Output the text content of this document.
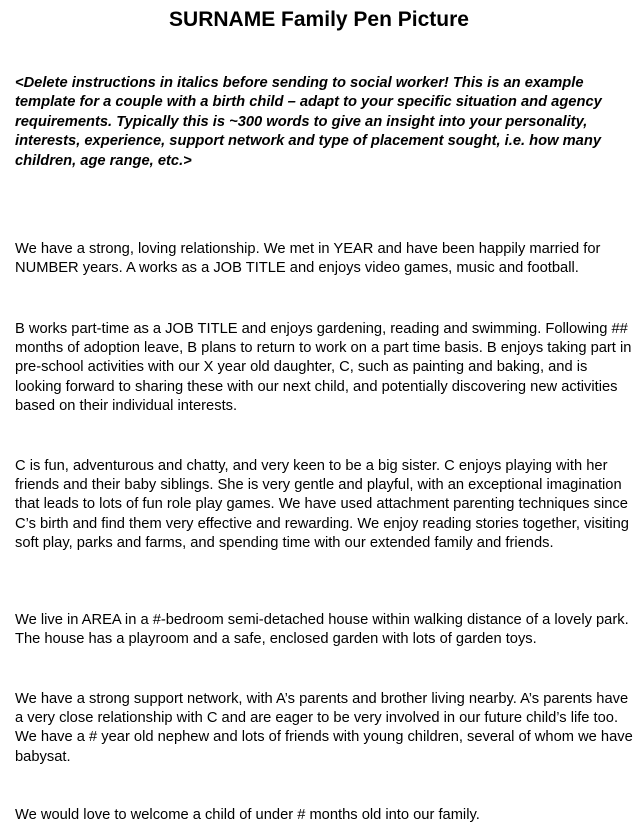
SURNAME Family Pen Picture

<Delete instructions in italics before sending to social worker! This is an example template for a couple with a birth child – adapt to your specific situation and agency requirements. Typically this is ~300 words to give an insight into your personality, interests, experience, support network and type of placement sought, i.e. how many children, age range, etc.>

We have a strong, loving relationship. We met in YEAR and have been happily married for NUMBER years. A works as a JOB TITLE and enjoys video games, music and football.

B works part-time as a JOB TITLE and enjoys gardening, reading and swimming. Following ## months of adoption leave, B plans to return to work on a part time basis. B enjoys taking part in pre-school activities with our X year old daughter, C, such as painting and baking, and is looking forward to sharing these with our next child, and potentially discovering new activities based on their individual interests.

C is fun, adventurous and chatty, and very keen to be a big sister. C enjoys playing with her friends and their baby siblings. She is very gentle and playful, with an exceptional imagination that leads to lots of fun role play games. We have used attachment parenting techniques since C’s birth and find them very effective and rewarding. We enjoy reading stories together, visiting soft play, parks and farms, and spending time with our extended family and friends.

We live in AREA in a #-bedroom semi-detached house within walking distance of a lovely park. The house has a playroom and a safe, enclosed garden with lots of garden toys.

We have a strong support network, with A’s parents and brother living nearby. A’s parents have a very close relationship with C and are eager to be very involved in our future child’s life too. We have a # year old nephew and lots of friends with young children, several of whom we have babysat.

We would love to welcome a child of under # months old into our family.
